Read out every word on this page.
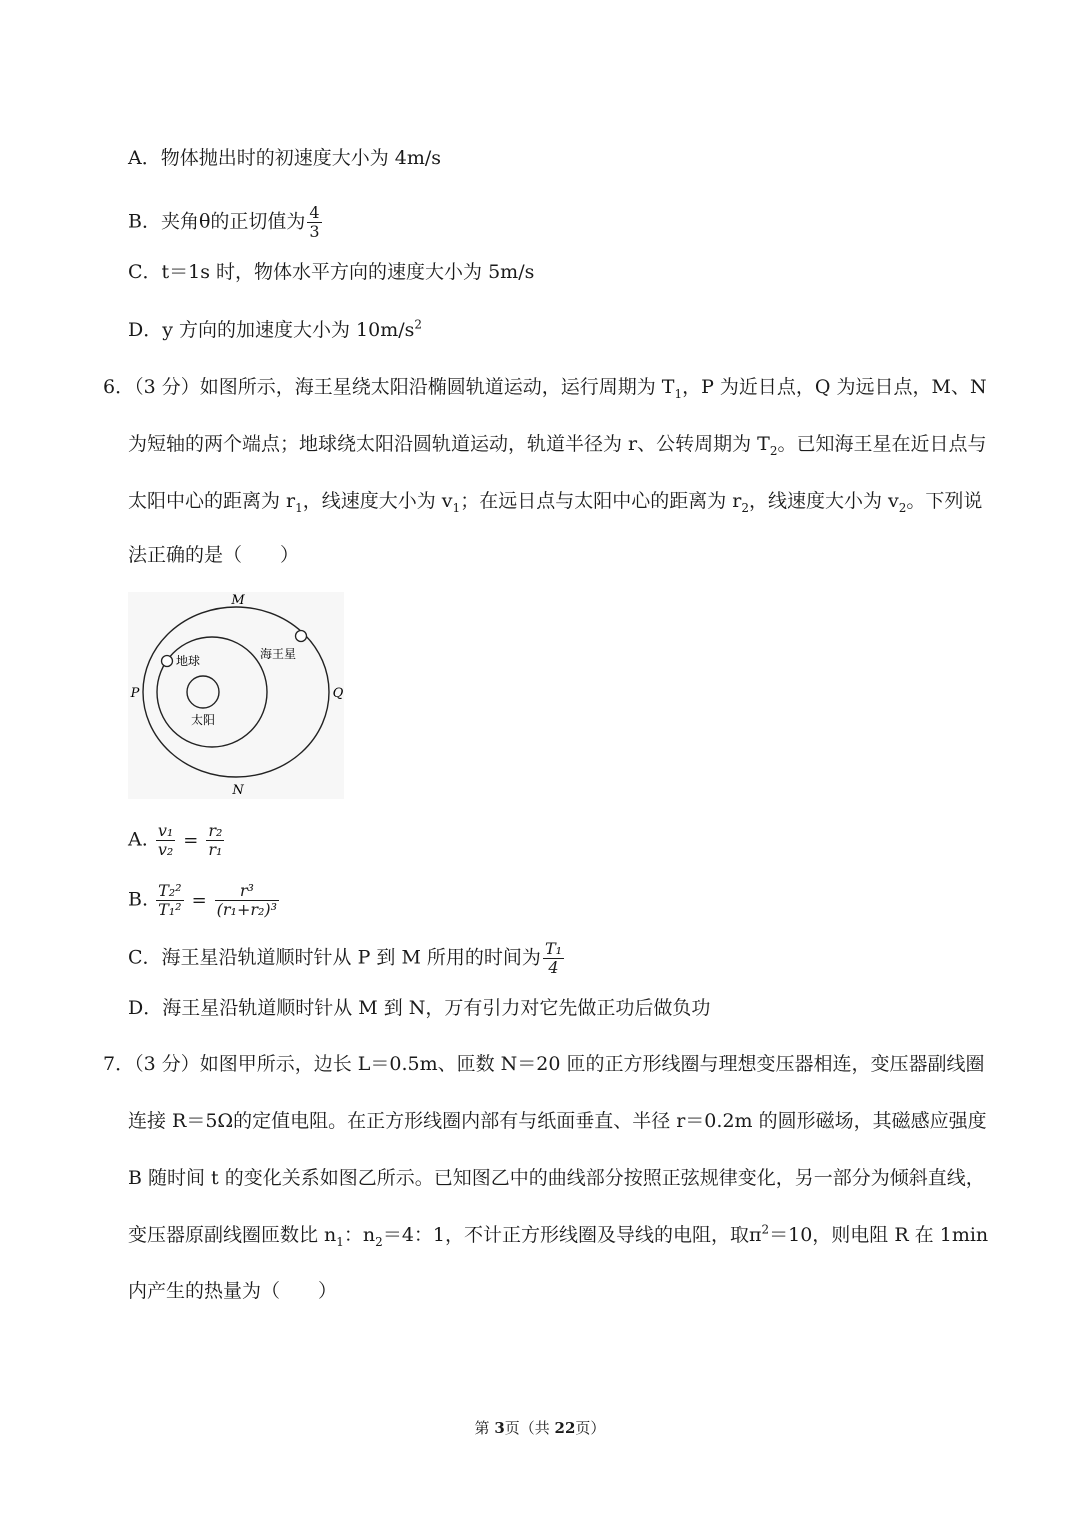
A．物体抛出时的初速度大小为 4m/s
B．夹角θ的正切值为 $\frac{4}{3}$
C．t＝1s 时，物体水平方向的速度大小为 5m/s
D．y 方向的加速度大小为 $10m/s^2$
6．（3 分）如图所示，海王星绕太阳沿椭圆轨道运动，运行周期为 $T_1$，P 为近日点，Q 为远日点，M、N
为短轴的两个端点；地球绕太阳沿圆轨道运动，轨道半径为 r、公转周期为 $T_2$。已知海王星在近日点与
太阳中心的距离为 $r_1$，线速度大小为 $v_1$；在远日点与太阳中心的距离为 $r_2$，线速度大小为 $v_2$。下列说
法正确的是（　　）
M
N
P	Q
地球	海王星
太阳
A. $\frac{\text{v₁}}{\text{v₂}} = \frac{\text{r₂}}{\text{r₁}}$
B. $\frac{\text{T₂²}}{\text{T₁²}} = \frac{\text{r³}}{\text{(r₁+r₂)³}}$
C．海王星沿轨道顺时针从 P 到 M 所用的时间为 $\frac{\text{T₁}}{4}$
D．海王星沿轨道顺时针从 M 到 N，万有引力对它先做正功后做负功
7．（3 分）如图甲所示，边长 L＝0.5m、匝数 N＝20 匝的正方形线圈与理想变压器相连，变压器副线圈
连接 R＝5Ω的定值电阻。在正方形线圈内部有与纸面垂直、半径 r＝0.2m 的圆形磁场，其磁感应强度
B 随时间 t 的变化关系如图乙所示。已知图乙中的曲线部分按照正弦规律变化，另一部分为倾斜直线，
变压器原副线圈匝数比 $n_1$：$n_2=4$：1，不计正方形线圈及导线的电阻，取$\pi^2=10$，则电阻 R 在 1min
内产生的热量为（　　）
第 3页（共 22页）
